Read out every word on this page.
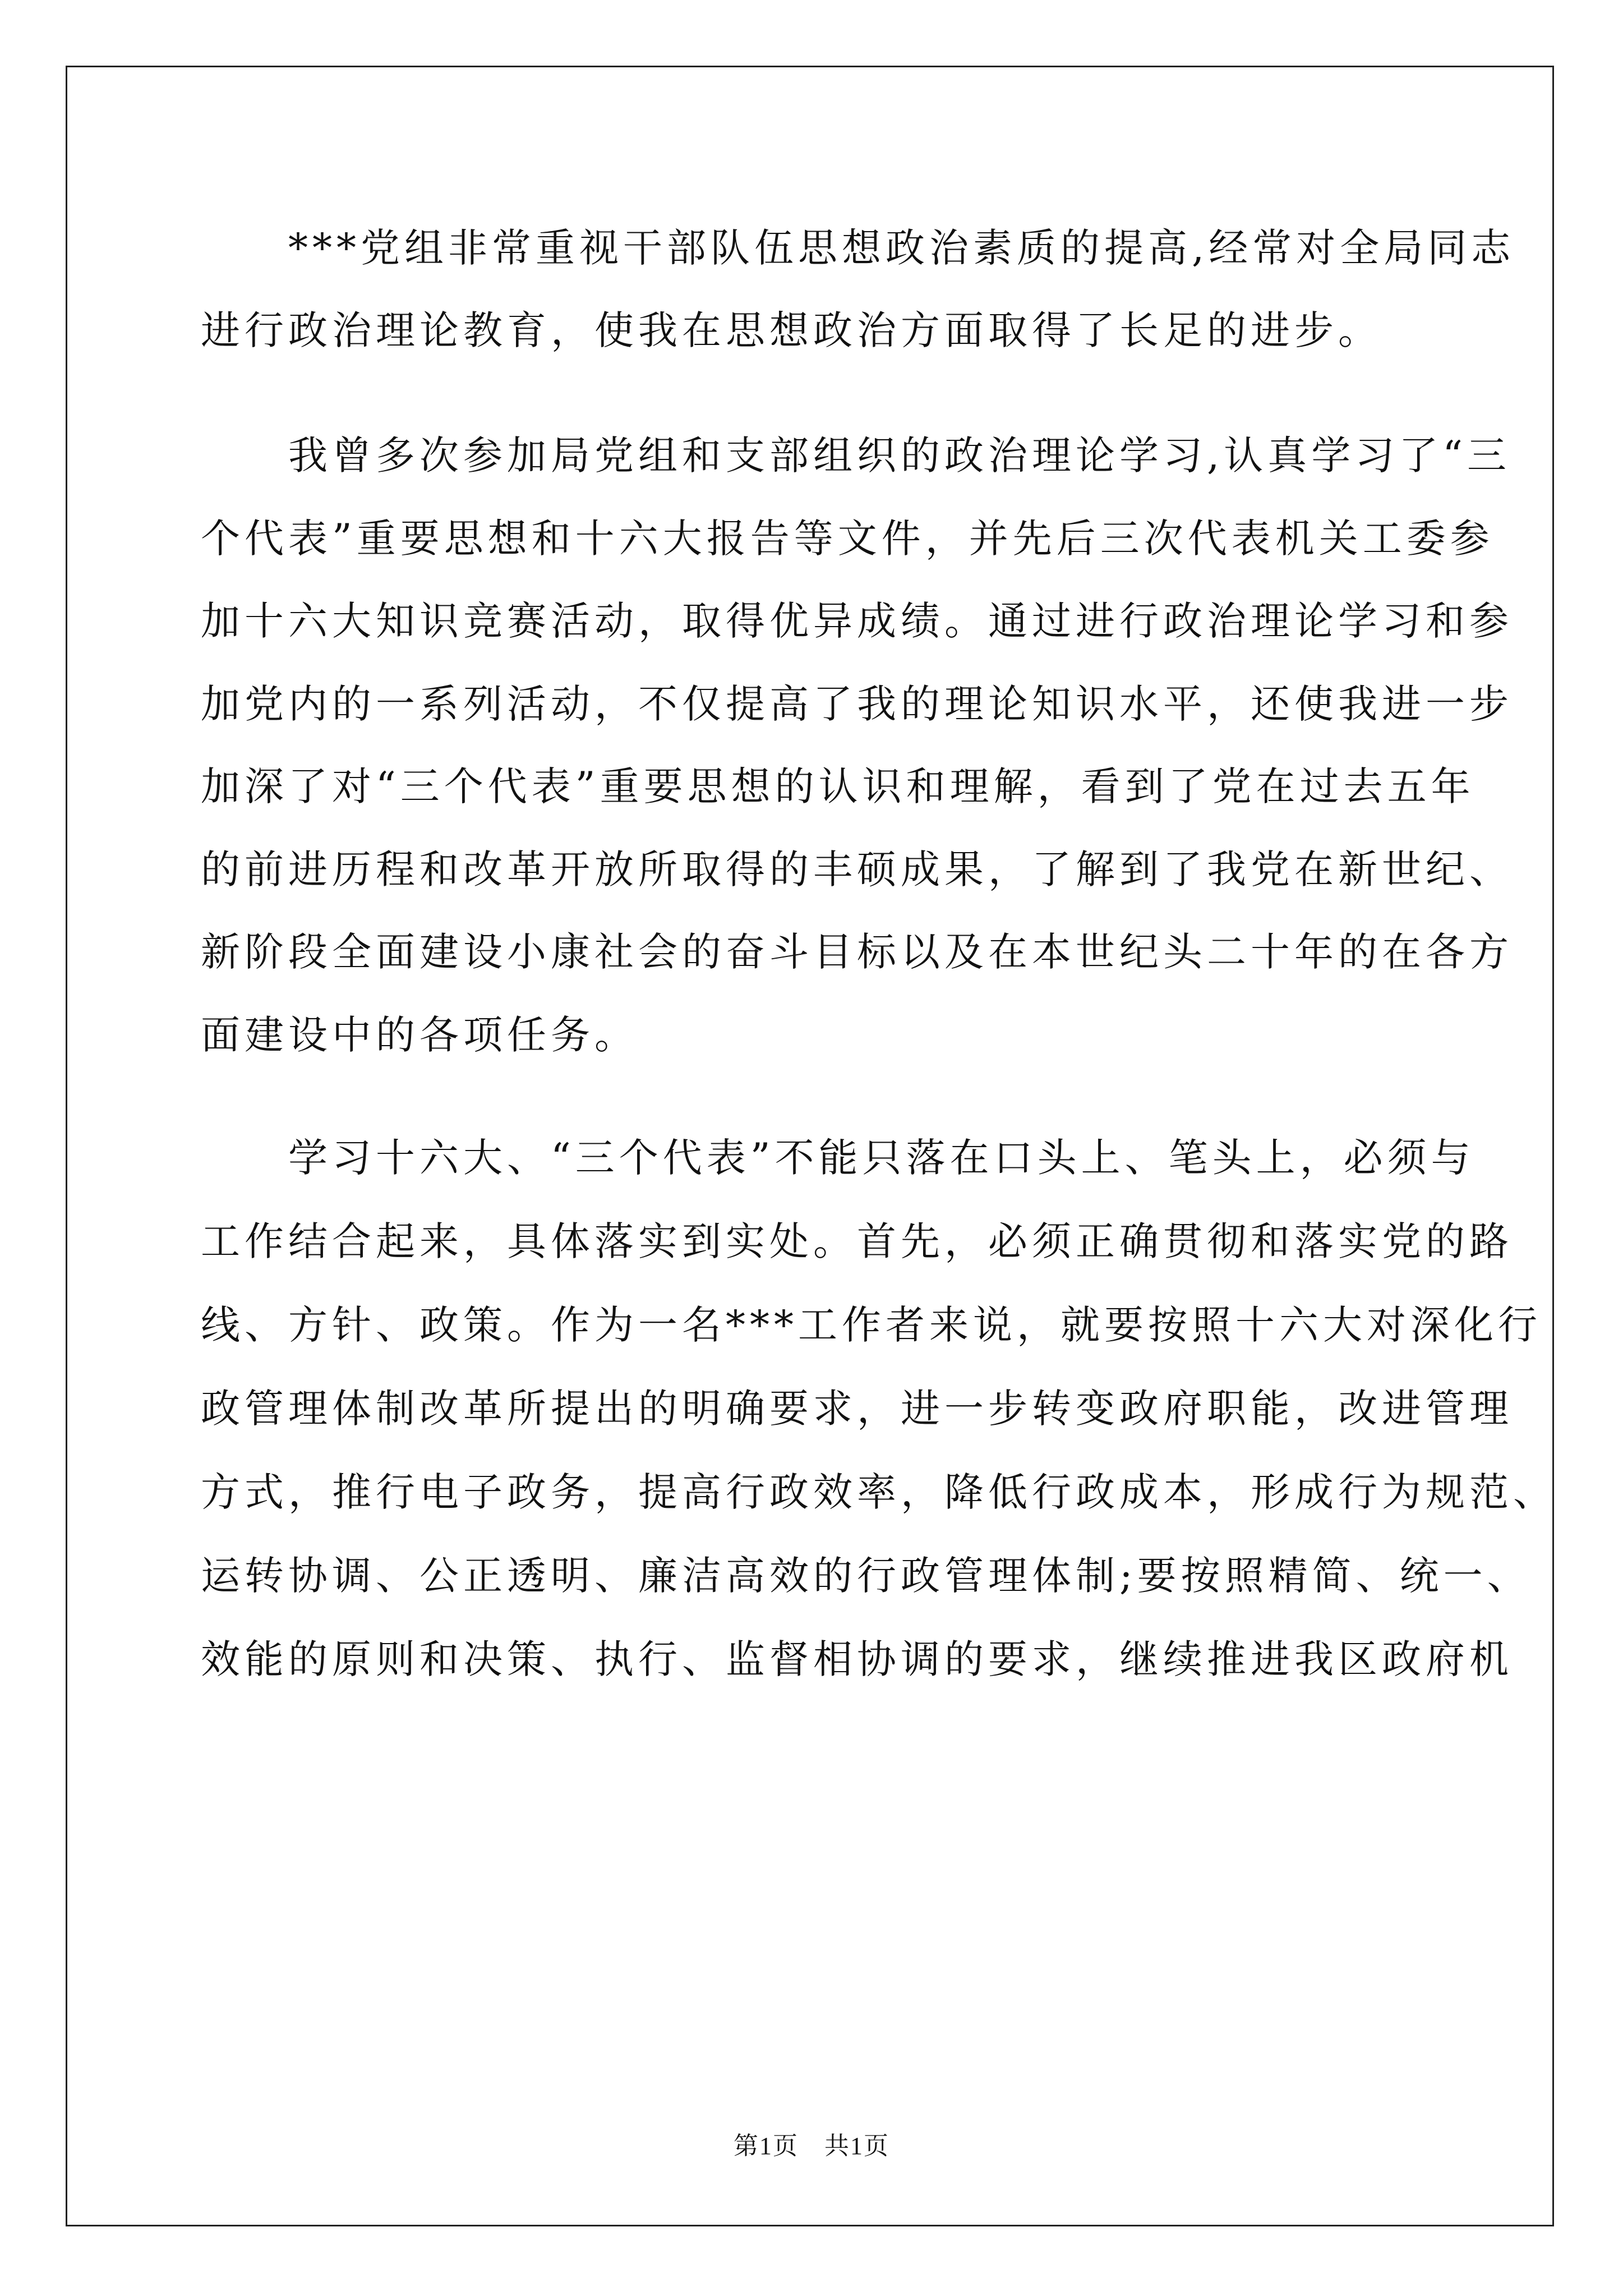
　　***党组非常重视干部队伍思想政治素质的提高,经常对全局同志
进行政治理论教育，使我在思想政治方面取得了长足的进步。
　　我曾多次参加局党组和支部组织的政治理论学习,认真学习了“三
个代表”重要思想和十六大报告等文件，并先后三次代表机关工委参
加十六大知识竞赛活动，取得优异成绩。通过进行政治理论学习和参
加党内的一系列活动，不仅提高了我的理论知识水平，还使我进一步
加深了对“三个代表”重要思想的认识和理解，看到了党在过去五年
的前进历程和改革开放所取得的丰硕成果，了解到了我党在新世纪、
新阶段全面建设小康社会的奋斗目标以及在本世纪头二十年的在各方
面建设中的各项任务。
　　学习十六大、“三个代表”不能只落在口头上、笔头上，必须与
工作结合起来，具体落实到实处。首先，必须正确贯彻和落实党的路
线、方针、政策。作为一名***工作者来说，就要按照十六大对深化行
政管理体制改革所提出的明确要求，进一步转变政府职能，改进管理
方式，推行电子政务，提高行政效率，降低行政成本，形成行为规范、
运转协调、公正透明、廉洁高效的行政管理体制;要按照精简、统一、
效能的原则和决策、执行、监督相协调的要求，继续推进我区政府机
第1页　共1页
